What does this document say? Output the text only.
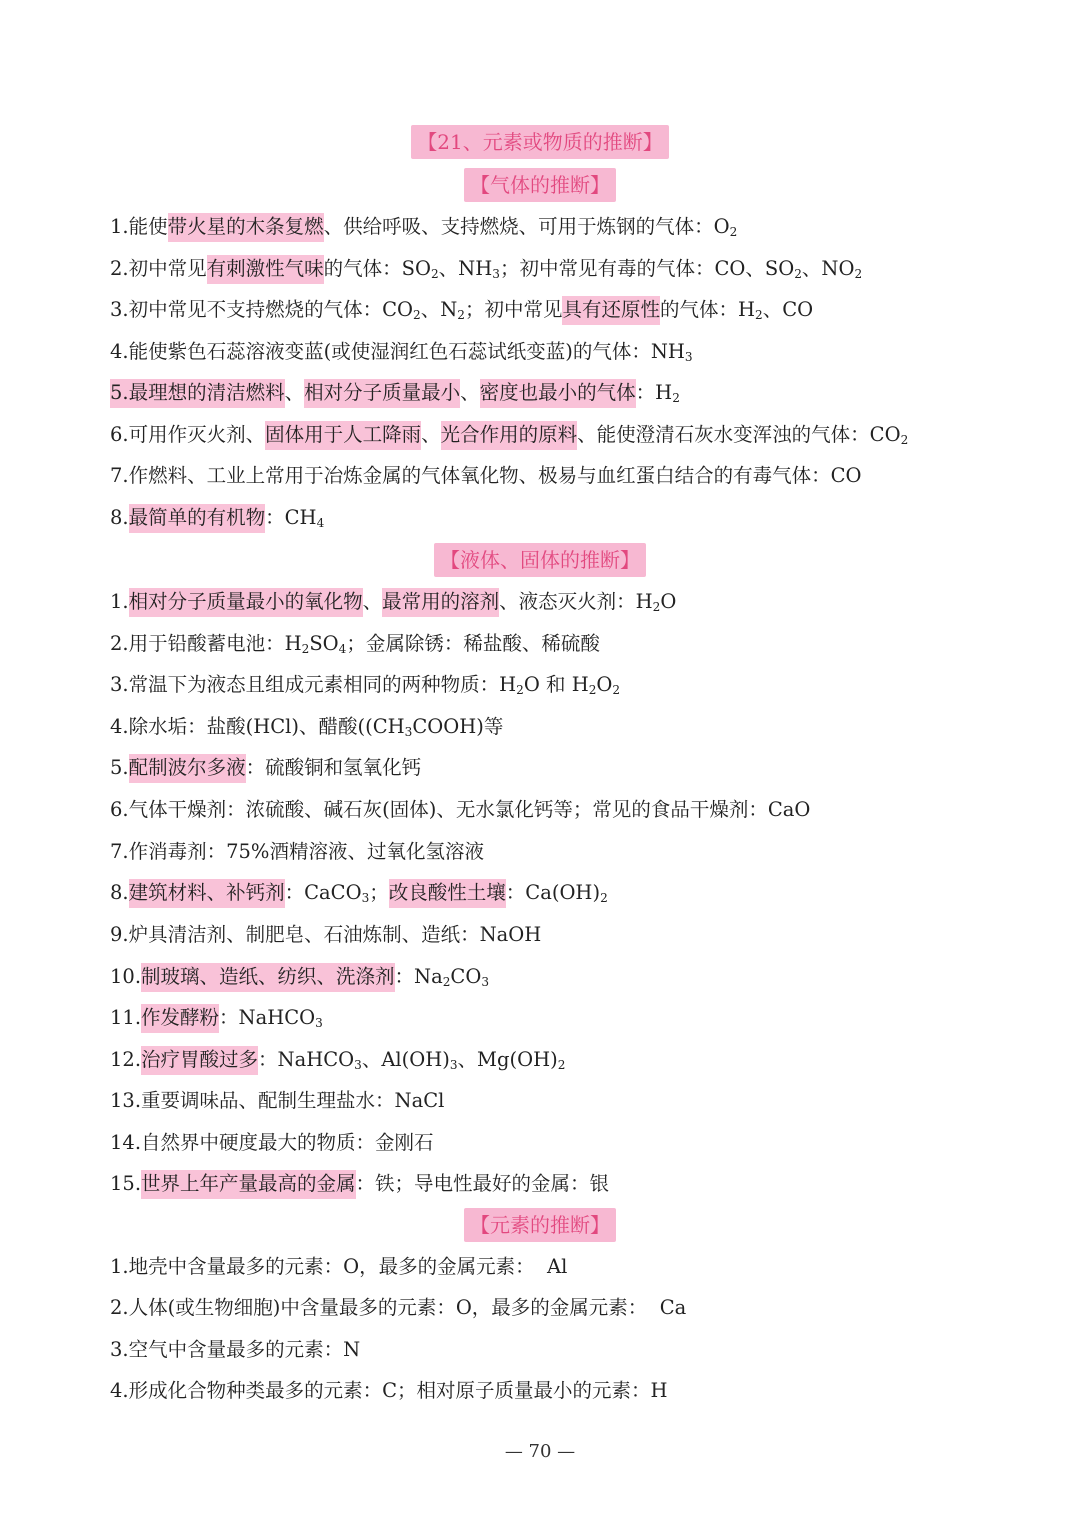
【21、元素或物质的推断】
【气体的推断】
1.能使带火星的木条复燃、供给呼吸、支持燃烧、可用于炼钢的气体：$O_2$
2.初中常见有刺激性气味的气体：$SO_2$、$NH_3$；初中常见有毒的气体：CO、$SO_2$、$NO_2$
3.初中常见不支持燃烧的气体：$CO_2$、$N_2$；初中常见具有还原性的气体：$H_2$、CO
4.能使紫色石蕊溶液变蓝(或使湿润红色石蕊试纸变蓝)的气体：$NH_3$
5.最理想的清洁燃料、相对分子质量最小、密度也最小的气体：$H_2$
6.可用作灭火剂、固体用于人工降雨、光合作用的原料、能使澄清石灰水变浑浊的气体：$CO_2$
7.作燃料、工业上常用于冶炼金属的气体氧化物、极易与血红蛋白结合的有毒气体：CO
8.最简单的有机物：$CH_4$
【液体、固体的推断】
1.相对分子质量最小的氧化物、最常用的溶剂、液态灭火剂：$H_2O$
2.用于铅酸蓄电池：$H_2SO_4$；金属除锈：稀盐酸、稀硫酸
3.常温下为液态且组成元素相同的两种物质：$H_2O$ 和 $H_2O_2$
4.除水垢：盐酸(HCl)、醋酸($(CH_3COOH)$等
5.配制波尔多液：硫酸铜和氢氧化钙
6.气体干燥剂：浓硫酸、碱石灰(固体)、无水氯化钙等；常见的食品干燥剂：CaO
7.作消毒剂：75%酒精溶液、过氧化氢溶液
8.建筑材料、补钙剂：CaCO$_3$；改良酸性土壤：$Ca(OH)_2$
9.炉具清洁剂、制肥皂、石油炼制、造纸：NaOH
10.制玻璃、造纸、纺织、洗涤剂：$Na_2CO_3$
11.作发酵粉：NaHCO$_3$
12.治疗胃酸过多：NaHCO$_3$、$Al(OH)_3$、$Mg(OH)_2$
13.重要调味品、配制生理盐水：NaCl
14.自然界中硬度最大的物质：金刚石
15.世界上年产量最高的金属：铁；导电性最好的金属：银
【元素的推断】
1.地壳中含量最多的元素：O，最多的金属元素：  Al
2.人体(或生物细胞)中含量最多的元素：O，最多的金属元素：  Ca
3.空气中含量最多的元素：N
4.形成化合物种类最多的元素：C；相对原子质量最小的元素：H
— 70 —
